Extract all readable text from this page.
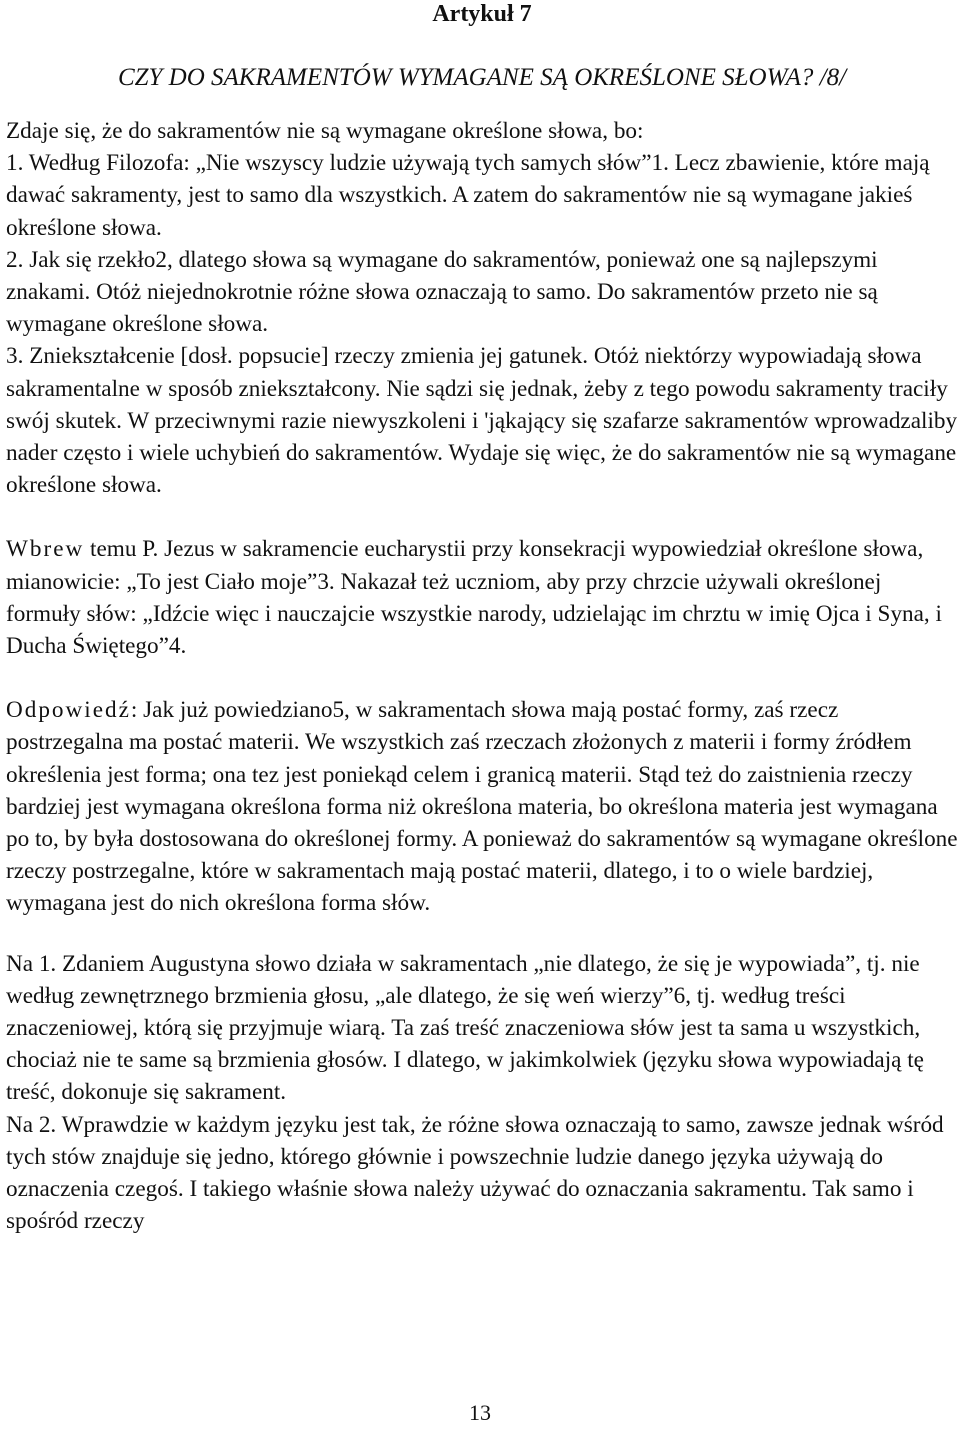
Artykuł 7

CZY DO SAKRAMENTÓW WYMAGANE SĄ OKREŚLONE SŁOWA? /8/

Zdaje się, że do sakramentów nie są wymagane określone słowa, bo:

1. Według Filozofa: „Nie wszyscy ludzie używają tych samych słów”1. Lecz zbawienie, które mają dawać sakramenty, jest to samo dla wszystkich. A zatem do sakramentów nie są wymagane jakieś określone słowa.

2. Jak się rzekło2, dlatego słowa są wymagane do sakramentów, ponieważ one są najlepszymi znakami. Otóż niejednokrotnie różne słowa oznaczają to samo. Do sakramentów przeto nie są wymagane określone słowa.

3. Zniekształcenie [dosł. popsucie] rzeczy zmienia jej gatunek. Otóż niektórzy wypowiadają słowa sakramentalne w sposób zniekształcony. Nie sądzi się jednak, żeby z tego powodu sakramenty traciły swój skutek. W przeciwnymi razie niewyszkoleni i 'jąkający się szafarze sakramentów wprowadzaliby nader często i wiele uchybień do sakramentów. Wydaje się więc, że do sakramentów nie są wymagane określone słowa.

Wbrew temu P. Jezus w sakramencie eucharystii przy konsekracji wypowiedział określone słowa, mianowicie: „To jest Ciało moje”3. Nakazał też uczniom, aby przy chrzcie używali określonej formuły słów: „Idźcie więc i nauczajcie wszystkie narody, udzielając im chrztu w imię Ojca i Syna, i Ducha Świętego”4.

Odpowiedź: Jak już powiedziano5, w sakramentach słowa mają postać formy, zaś rzecz postrzegalna ma postać materii. We wszystkich zaś rzeczach złożonych z materii i formy źródłem określenia jest forma; ona tez jest poniekąd celem i granicą materii. Stąd też do zaistnienia rzeczy bardziej jest wymagana określona forma niż określona materia, bo określona materia jest wymagana po to, by była dostosowana do określonej formy. A ponieważ do sakramentów są wymagane określone rzeczy postrzegalne, które w sakramentach mają postać materii, dlatego, i to o wiele bardziej, wymagana jest do nich określona forma słów.

Na 1. Zdaniem Augustyna słowo działa w sakramentach „nie dlatego, że się je wypowiada”, tj. nie według zewnętrznego brzmienia głosu, „ale dlatego, że się weń wierzy”6, tj. według treści znaczeniowej, którą się przyjmuje wiarą. Ta zaś treść znaczeniowa słów jest ta sama u wszystkich, chociaż nie te same są brzmienia głosów. I dlatego, w jakimkolwiek (języku słowa wypowiadają tę treść, dokonuje się sakrament.

Na 2. Wprawdzie w każdym języku jest tak, że różne słowa oznaczają to samo, zawsze jednak wśród tych stów znajduje się jedno, którego głównie i powszechnie ludzie danego języka używają do oznaczenia czegoś. I takiego właśnie słowa należy używać do oznaczania sakramentu. Tak samo i spośród rzeczy

13
